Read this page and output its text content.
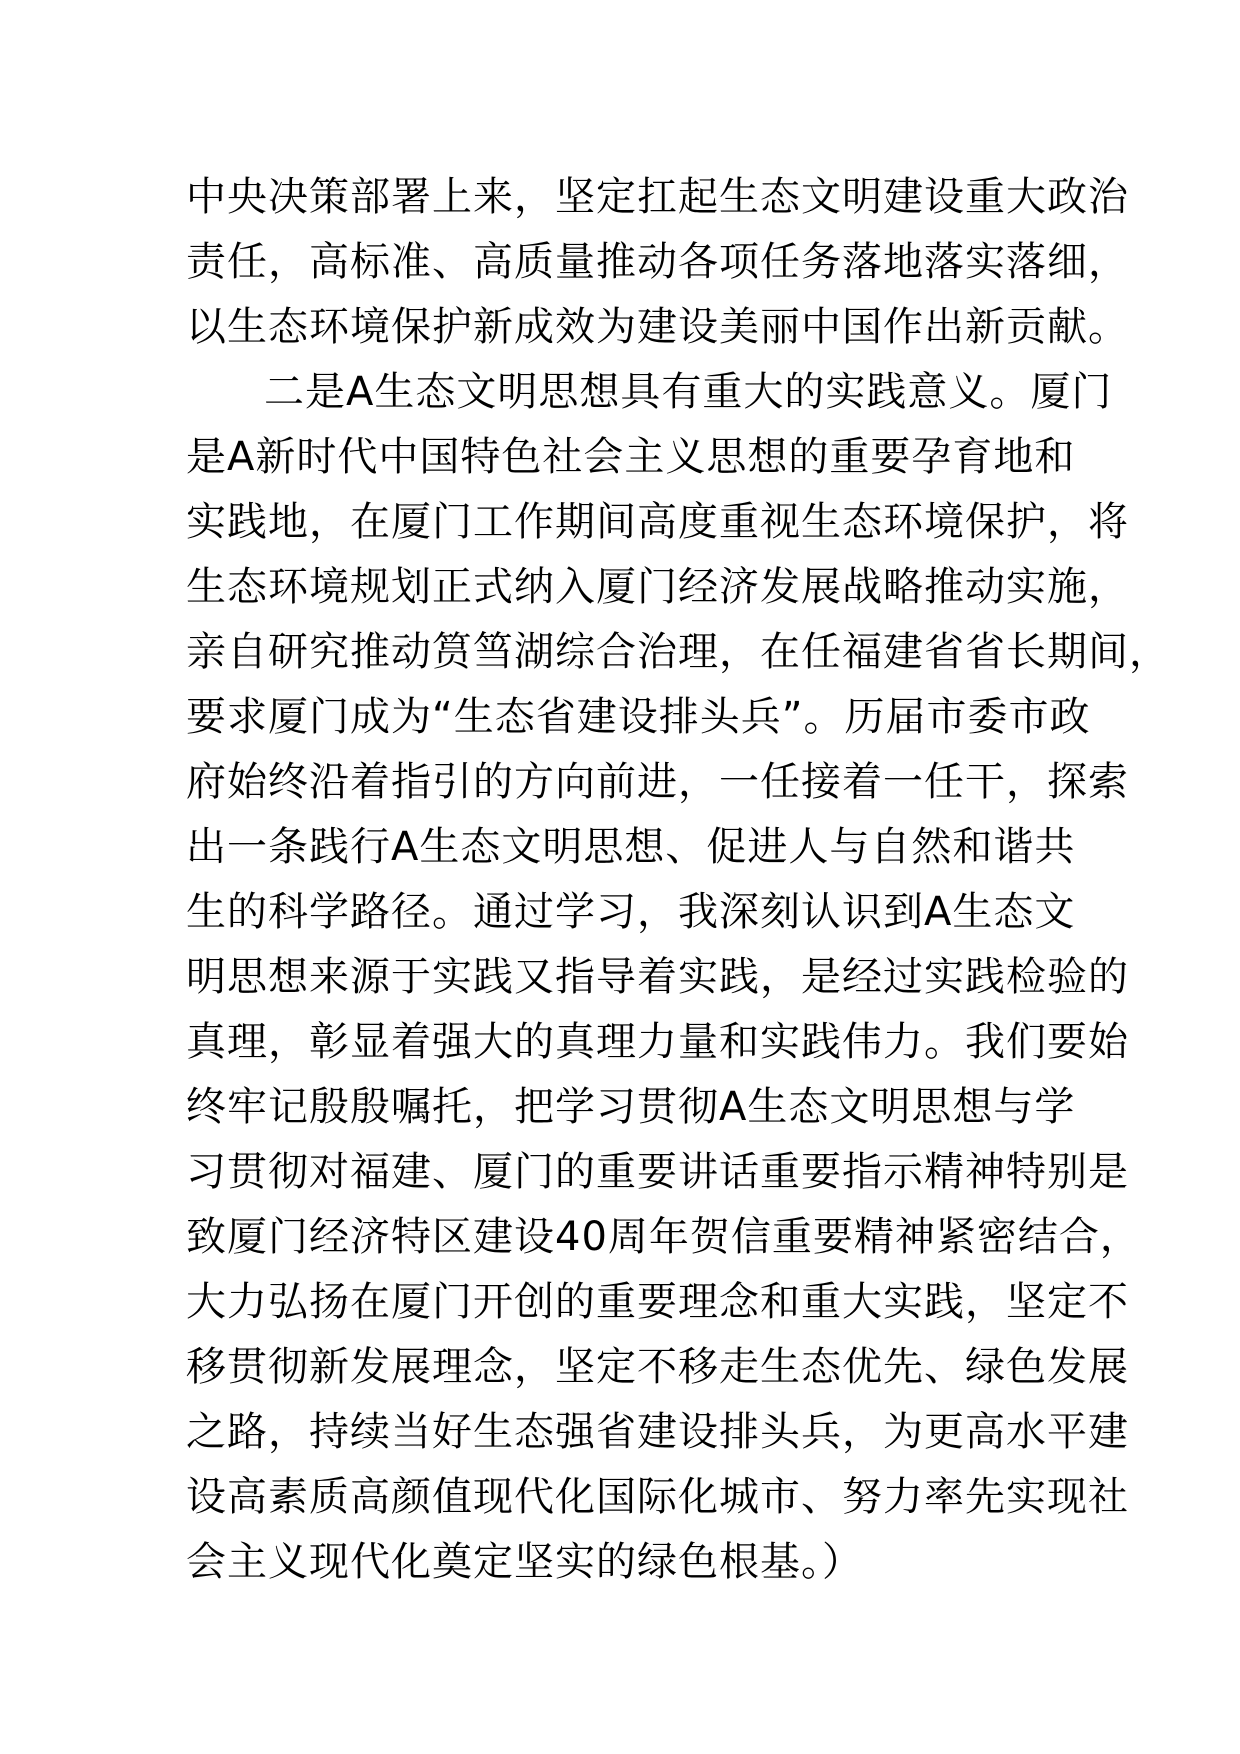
中央决策部署上来，坚定扛起生态文明建设重大政治
责任，高标准、高质量推动各项任务落地落实落细，
以生态环境保护新成效为建设美丽中国作出新贡献。
二是A生态文明思想具有重大的实践意义。厦门
是A新时代中国特色社会主义思想的重要孕育地和
实践地，在厦门工作期间高度重视生态环境保护，将
生态环境规划正式纳入厦门经济发展战略推动实施，
亲自研究推动筼筜湖综合治理，在任福建省省长期间，
要求厦门成为“生态省建设排头兵”。历届市委市政
府始终沿着指引的方向前进，一任接着一任干，探索
出一条践行A生态文明思想、促进人与自然和谐共
生的科学路径。通过学习，我深刻认识到A生态文
明思想来源于实践又指导着实践，是经过实践检验的
真理，彰显着强大的真理力量和实践伟力。我们要始
终牢记殷殷嘱托，把学习贯彻A生态文明思想与学
习贯彻对福建、厦门的重要讲话重要指示精神特别是
致厦门经济特区建设40周年贺信重要精神紧密结合，
大力弘扬在厦门开创的重要理念和重大实践，坚定不
移贯彻新发展理念，坚定不移走生态优先、绿色发展
之路，持续当好生态强省建设排头兵，为更高水平建
设高素质高颜值现代化国际化城市、努力率先实现社
会主义现代化奠定坚实的绿色根基。）
